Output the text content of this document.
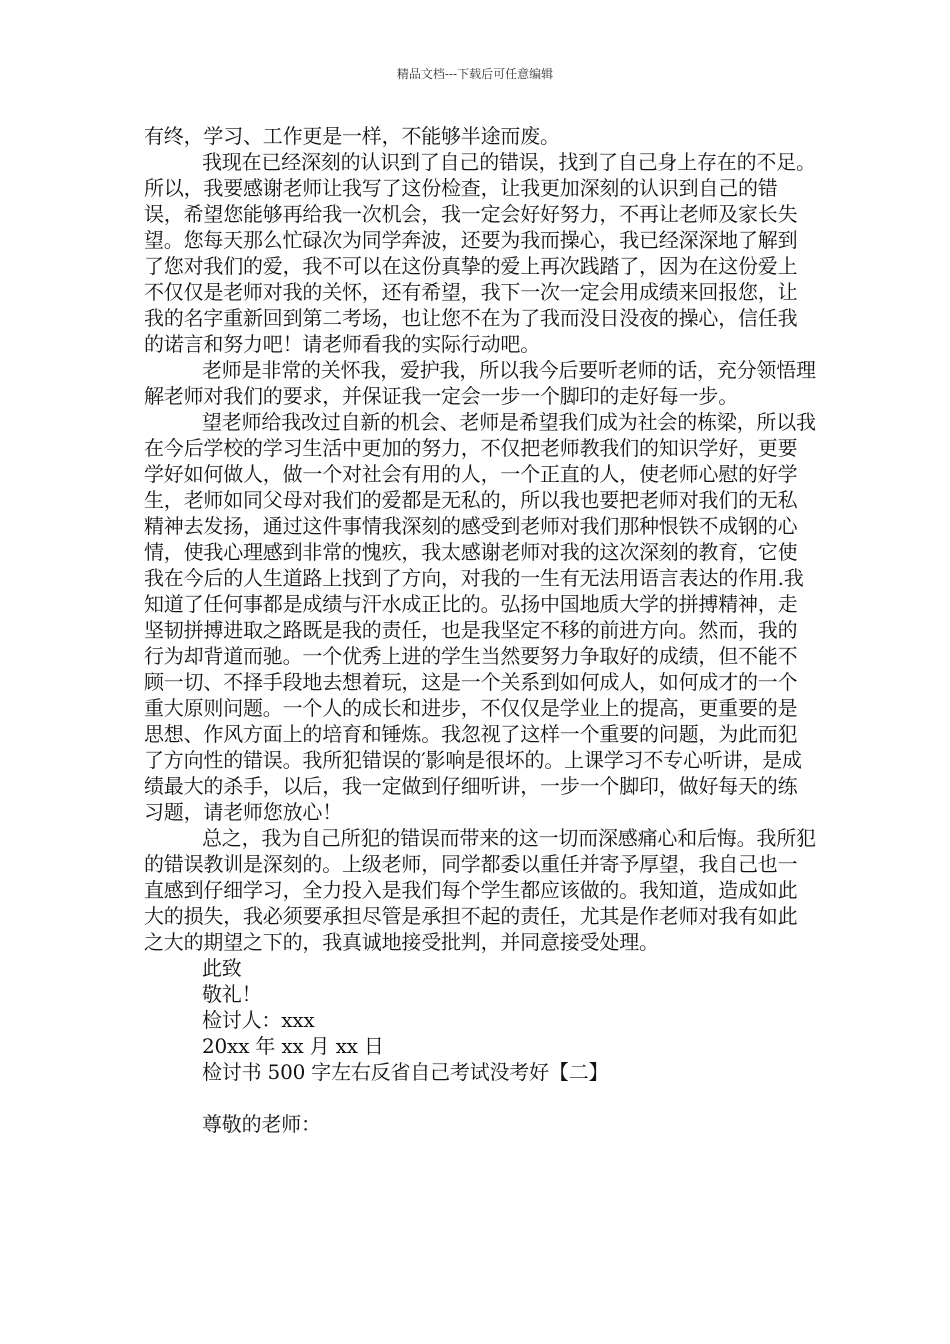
精品文档---下载后可任意编辑

有终，学习、工作更是一样，不能够半途而废。

我现在已经深刻的认识到了自己的错误，找到了自己身上存在的不足。所以，我要感谢老师让我写了这份检查，让我更加深刻的认识到自己的错误，希望您能够再给我一次机会，我一定会好好努力，不再让老师及家长失望。您每天那么忙碌次为同学奔波，还要为我而操心，我已经深深地了解到了您对我们的爱，我不可以在这份真挚的爱上再次践踏了，因为在这份爱上不仅仅是老师对我的关怀，还有希望，我下一次一定会用成绩来回报您，让我的名字重新回到第二考场，也让您不在为了我而没日没夜的操心，信任我的诺言和努力吧！请老师看我的实际行动吧。

老师是非常的关怀我，爱护我，所以我今后要听老师的话，充分领悟理解老师对我们的要求，并保证我一定会一步一个脚印的走好每一步。

望老师给我改过自新的机会、老师是希望我们成为社会的栋梁，所以我在今后学校的学习生活中更加的努力，不仅把老师教我们的知识学好，更要学好如何做人，做一个对社会有用的人，一个正直的人，使老师心慰的好学生，老师如同父母对我们的爱都是无私的，所以我也要把老师对我们的无私精神去发扬，通过这件事情我深刻的感受到老师对我们那种恨铁不成钢的心情，使我心理感到非常的愧疚，我太感谢老师对我的这次深刻的教育，它使我在今后的人生道路上找到了方向，对我的一生有无法用语言表达的作用.我知道了任何事都是成绩与汗水成正比的。弘扬中国地质大学的拼搏精神，走坚韧拼搏进取之路既是我的责任，也是我坚定不移的前进方向。然而，我的行为却背道而驰。一个优秀上进的学生当然要努力争取好的成绩，但不能不顾一切、不择手段地去想着玩，这是一个关系到如何成人，如何成才的一个重大原则问题。一个人的成长和进步，不仅仅是学业上的提高，更重要的是思想、作风方面上的培育和锤炼。我忽视了这样一个重要的问题，为此而犯了方向性的错误。我所犯错误的′影响是很坏的。上课学习不专心听讲，是成绩最大的杀手，以后，我一定做到仔细听讲，一步一个脚印，做好每天的练习题，请老师您放心！

总之，我为自己所犯的错误而带来的这一切而深感痛心和后悔。我所犯的错误教训是深刻的。上级老师，同学都委以重任并寄予厚望，我自己也一直感到仔细学习，全力投入是我们每个学生都应该做的。我知道，造成如此大的损失，我必须要承担尽管是承担不起的责任，尤其是作老师对我有如此之大的期望之下的，我真诚地接受批判，并同意接受处理。

此致

敬礼！

检讨人：xxx

20xx 年 xx 月 xx 日

检讨书 500 字左右反省自己考试没考好【二】

尊敬的老师：
